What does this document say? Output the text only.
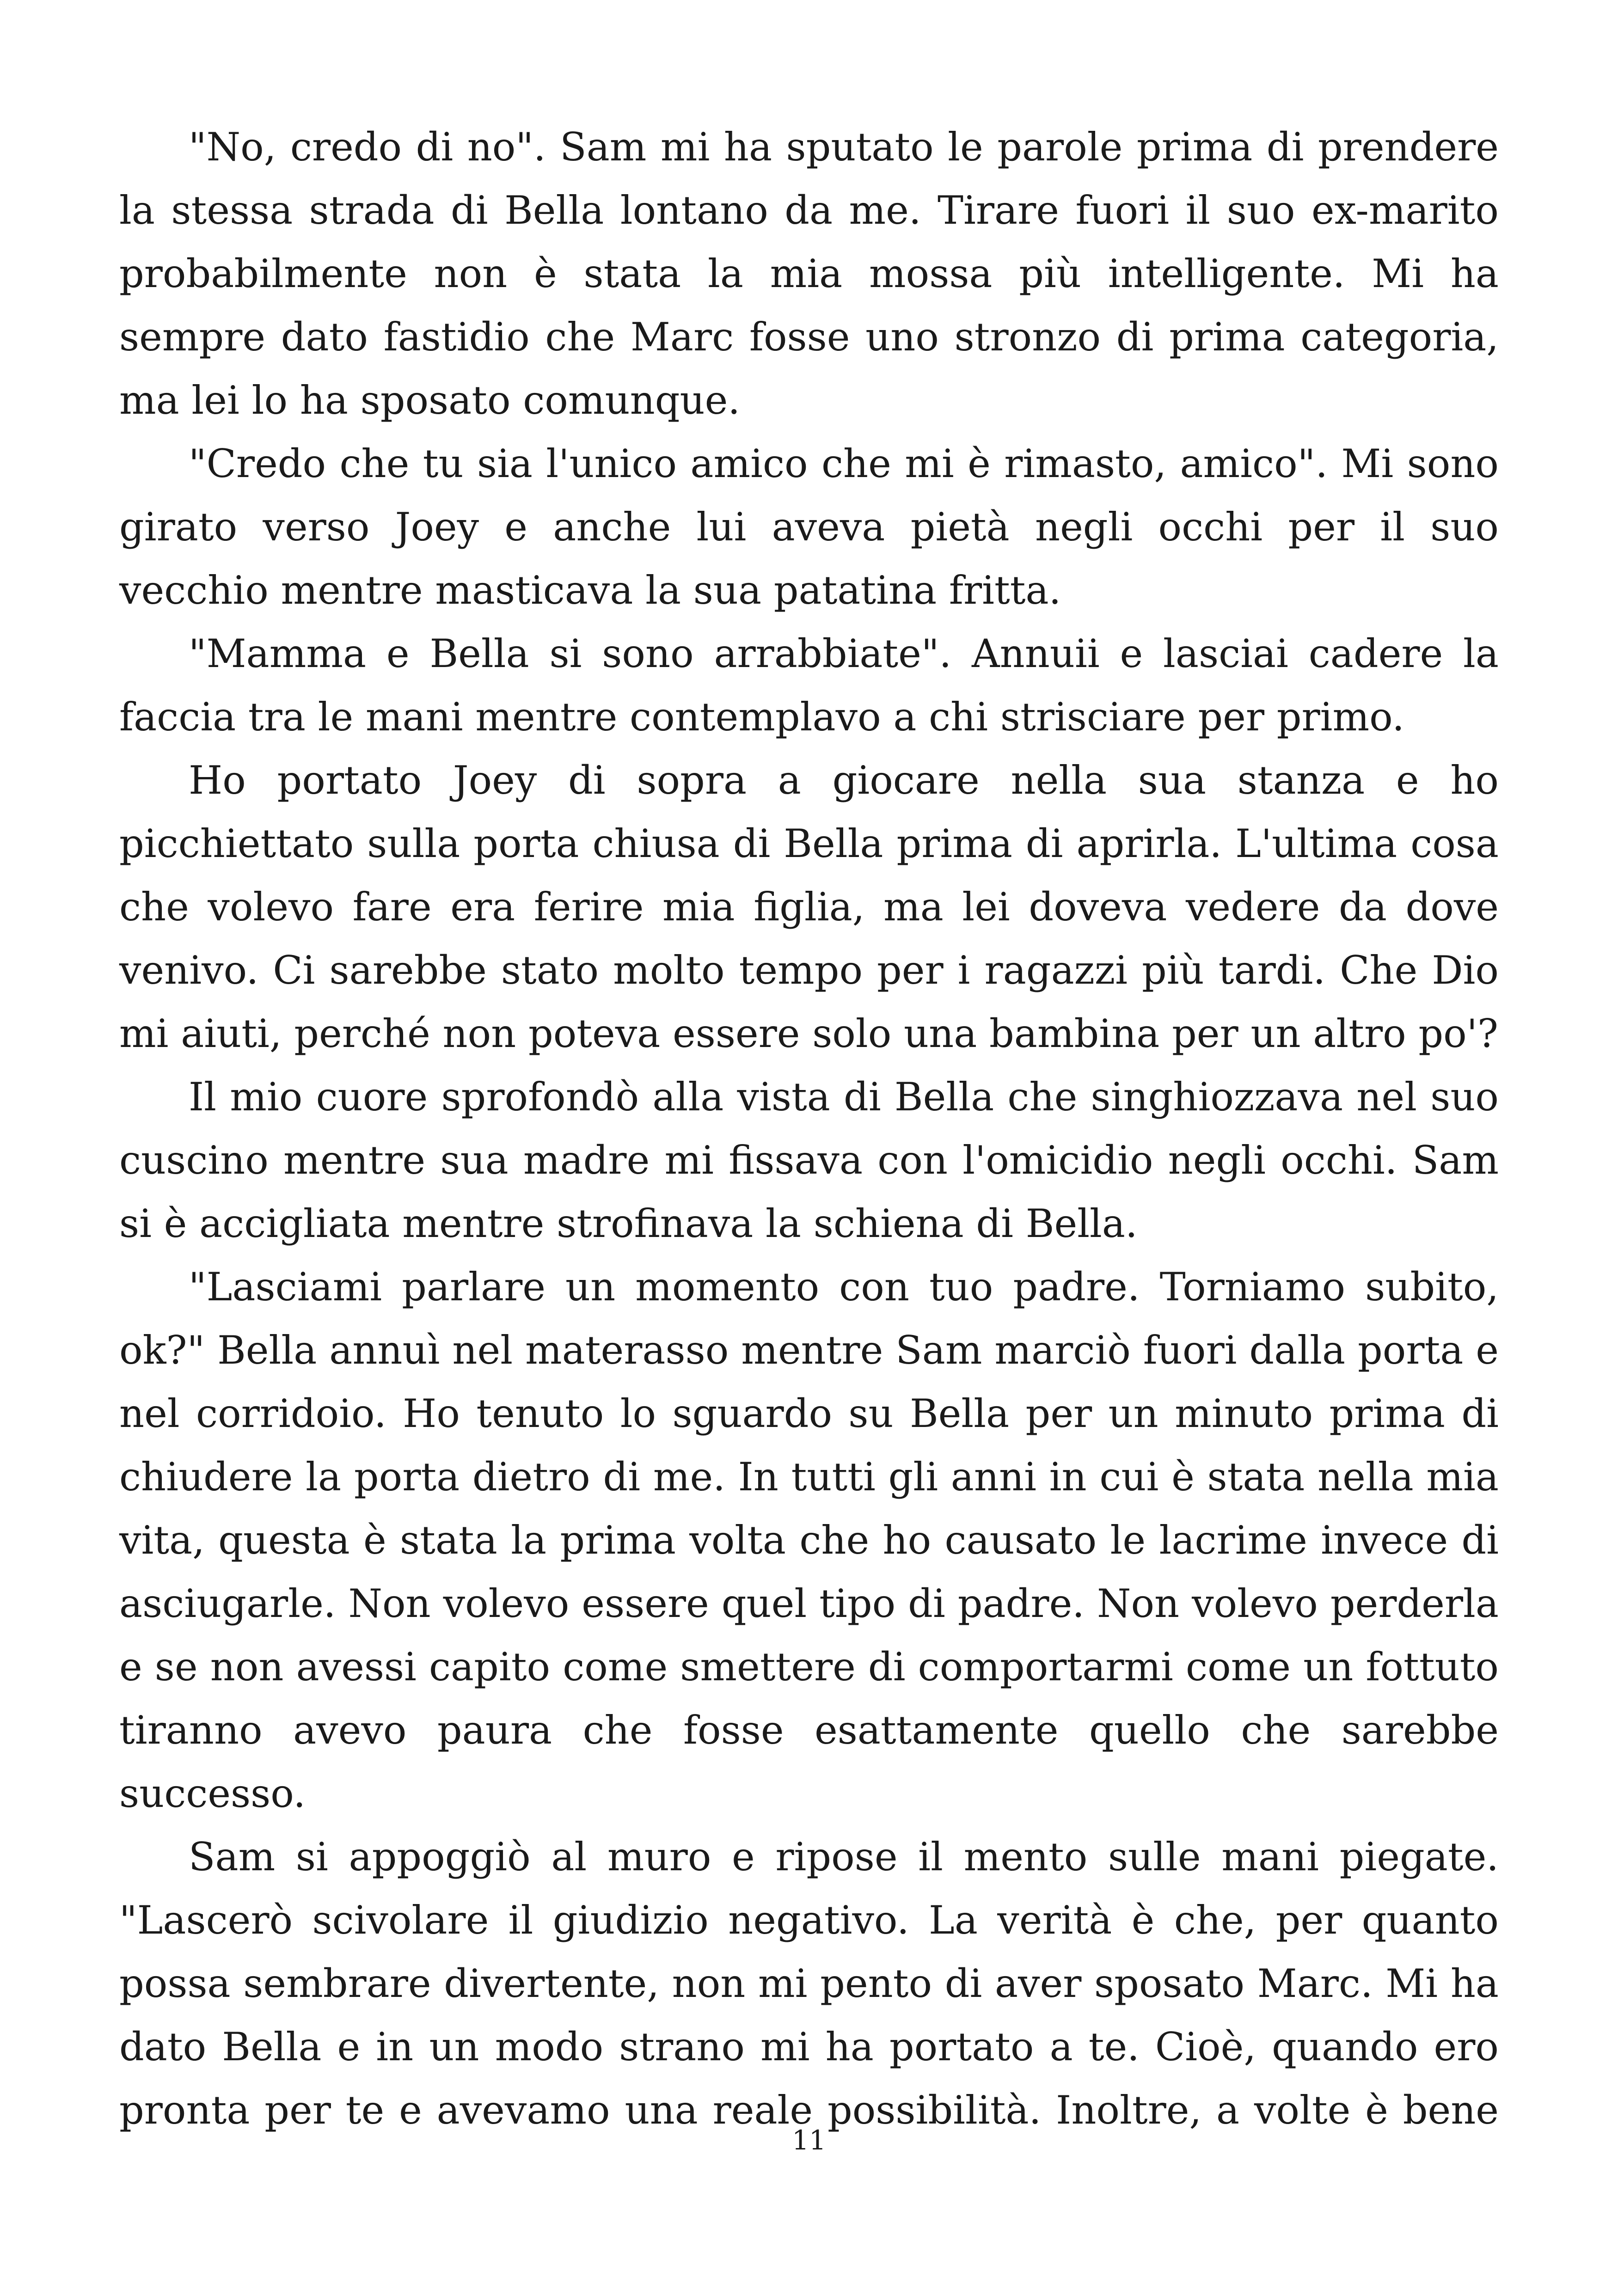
"No, credo di no". Sam mi ha sputato le parole prima di prendere la stessa strada di Bella lontano da me. Tirare fuori il suo ex-marito probabilmente non è stata la mia mossa più intelligente. Mi ha sempre dato fastidio che Marc fosse uno stronzo di prima categoria, ma lei lo ha sposato comunque.

"Credo che tu sia l'unico amico che mi è rimasto, amico". Mi sono girato verso Joey e anche lui aveva pietà negli occhi per il suo vecchio mentre masticava la sua patatina fritta.

"Mamma e Bella si sono arrabbiate". Annuii e lasciai cadere la faccia tra le mani mentre contemplavo a chi strisciare per primo.

Ho portato Joey di sopra a giocare nella sua stanza e ho picchiettato sulla porta chiusa di Bella prima di aprirla. L'ultima cosa che volevo fare era ferire mia figlia, ma lei doveva vedere da dove venivo. Ci sarebbe stato molto tempo per i ragazzi più tardi. Che Dio mi aiuti, perché non poteva essere solo una bambina per un altro po'?

Il mio cuore sprofondò alla vista di Bella che singhiozzava nel suo cuscino mentre sua madre mi fissava con l'omicidio negli occhi. Sam si è accigliata mentre strofinava la schiena di Bella.

"Lasciami parlare un momento con tuo padre. Torniamo subito, ok?" Bella annuì nel materasso mentre Sam marciò fuori dalla porta e nel corridoio. Ho tenuto lo sguardo su Bella per un minuto prima di chiudere la porta dietro di me. In tutti gli anni in cui è stata nella mia vita, questa è stata la prima volta che ho causato le lacrime invece di asciugarle. Non volevo essere quel tipo di padre. Non volevo perderla e se non avessi capito come smettere di comportarmi come un fottuto tiranno avevo paura che fosse esattamente quello che sarebbe successo.

Sam si appoggiò al muro e ripose il mento sulle mani piegate. "Lascerò scivolare il giudizio negativo. La verità è che, per quanto possa sembrare divertente, non mi pento di aver sposato Marc. Mi ha dato Bella e in un modo strano mi ha portato a te. Cioè, quando ero pronta per te e avevamo una reale possibilità. Inoltre, a volte è bene

11
